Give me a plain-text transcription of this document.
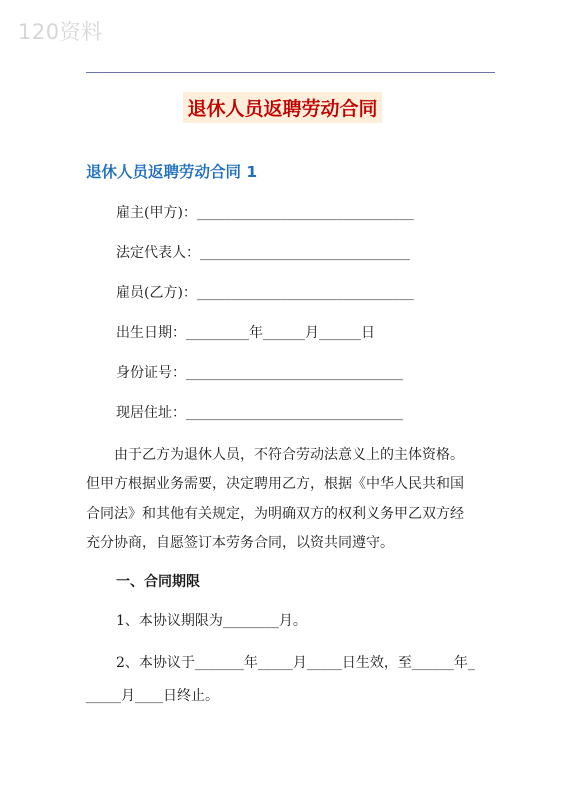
120资料
退休人员返聘劳动合同
退休人员返聘劳动合同 1
雇主(甲方)：_______________________________
法定代表人：______________________________
雇员(乙方)：_______________________________
出生日期：_________年______月______日
身份证号：_______________________________
现居住址：_______________________________
由于乙方为退休人员，不符合劳动法意义上的主体资格。
但甲方根据业务需要，决定聘用乙方，根据《中华人民共和国
合同法》和其他有关规定，为明确双方的权利义务甲乙双方经
充分协商，自愿签订本劳务合同，以资共同遵守。
一、合同期限
1、本协议期限为________月。
2、本协议于_______年_____月_____日生效，至______年_
_____月____日终止。
